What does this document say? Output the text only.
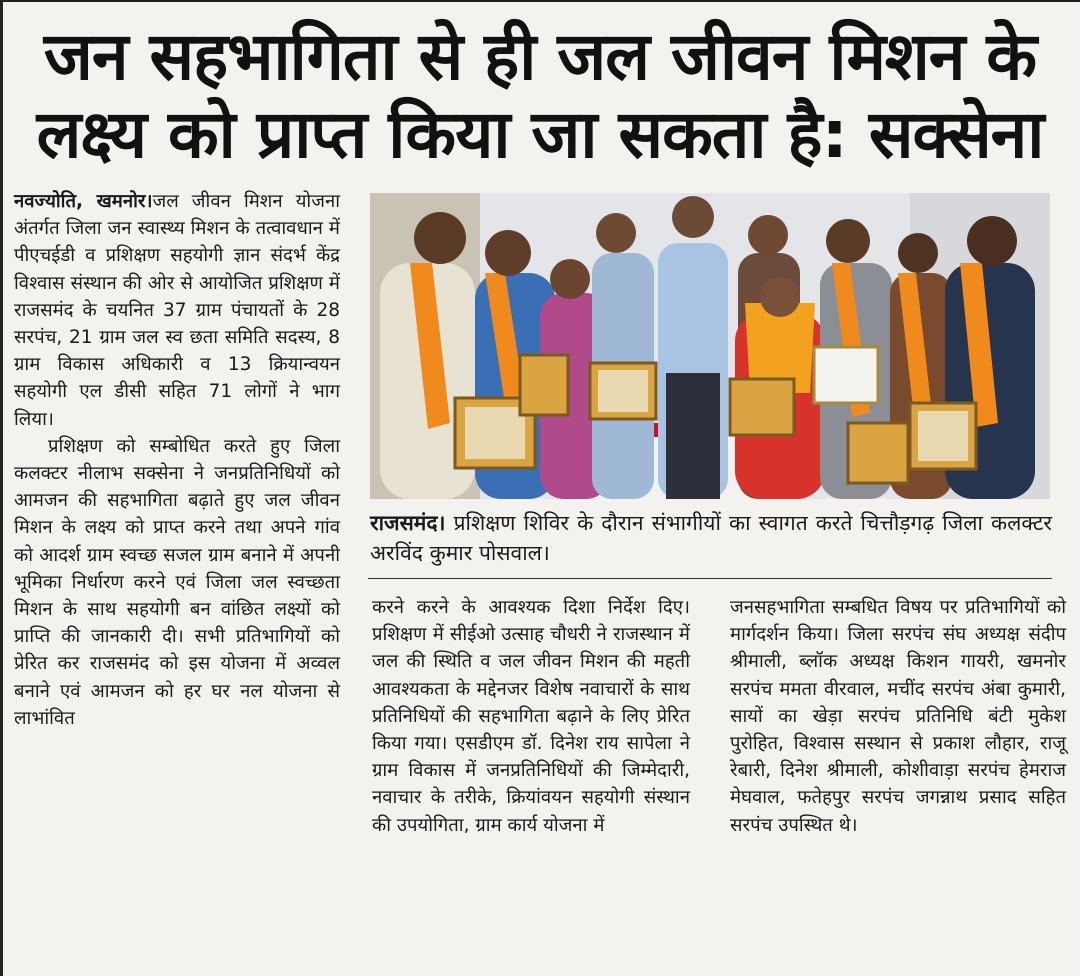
जन सहभागिता से ही जल जीवन मिशन के
लक्ष्य को प्राप्त किया जा सकता है: सक्सेना

नवज्योति, खमनोर।जल जीवन मिशन योजना अंतर्गत जिला जन स्वास्थ्य मिशन के तत्वावधान में पीएचईडी व प्रशिक्षण सहयोगी ज्ञान संदर्भ केंद्र विश्वास संस्थान की ओर से आयोजित प्रशिक्षण में राजसमंद के चयनित 37 ग्राम पंचायतों के 28 सरपंच, 21 ग्राम जल स्व छता समिति सदस्य, 8 ग्राम विकास अधिकारी व 13 क्रियान्वयन सहयोगी एल डीसी सहित 71 लोगों ने भाग लिया।

प्रशिक्षण को सम्बोधित करते हुए जिला कलक्टर नीलाभ सक्सेना ने जनप्रतिनिधियों को आमजन की सहभागिता बढ़ाते हुए जल जीवन मिशन के लक्ष्य को प्राप्त करने तथा अपने गांव को आदर्श ग्राम स्वच्छ सजल ग्राम बनाने में अपनी भूमिका निर्धारण करने एवं जिला जल स्वच्छता मिशन के साथ सहयोगी बन वांछित लक्ष्यों को प्राप्ति की जानकारी दी। सभी प्रतिभागियों को प्रेरित कर राजसमंद को इस योजना में अव्वल बनाने एवं आमजन को हर घर नल योजना से लाभांवित

राजसमंद। प्रशिक्षण शिविर के दौरान संभागीयों का स्वागत करते चित्तौड़गढ़ जिला कलक्टर अरविंद कुमार पोसवाल।

करने करने के आवश्यक दिशा निर्देश दिए। प्रशिक्षण में सीईओ उत्साह चौधरी ने राजस्थान में जल की स्थिति व जल जीवन मिशन की महती आवश्यकता के मद्देनजर विशेष नवाचारों के साथ प्रतिनिधियों की सहभागिता बढ़ाने के लिए प्रेरित किया गया। एसडीएम डॉ. दिनेश राय सापेला ने ग्राम विकास में जनप्रतिनिधियों की जिम्मेदारी, नवाचार के तरीके, क्रियांवयन सहयोगी संस्थान की उपयोगिता, ग्राम कार्य योजना में

जनसहभागिता सम्बधित विषय पर प्रतिभागियों को मार्गदर्शन किया। जिला सरपंच संघ अध्यक्ष संदीप श्रीमाली, ब्लॉक अध्यक्ष किशन गायरी, खमनोर सरपंच ममता वीरवाल, मचींद सरपंच अंबा कुमारी, सायों का खेड़ा सरपंच प्रतिनिधि बंटी मुकेश पुरोहित, विश्वास सस्थान से प्रकाश लौहार, राजू रेबारी, दिनेश श्रीमाली, कोशीवाड़ा सरपंच हेमराज मेघवाल, फतेहपुर सरपंच जगन्नाथ प्रसाद सहित सरपंच उपस्थित थे।
